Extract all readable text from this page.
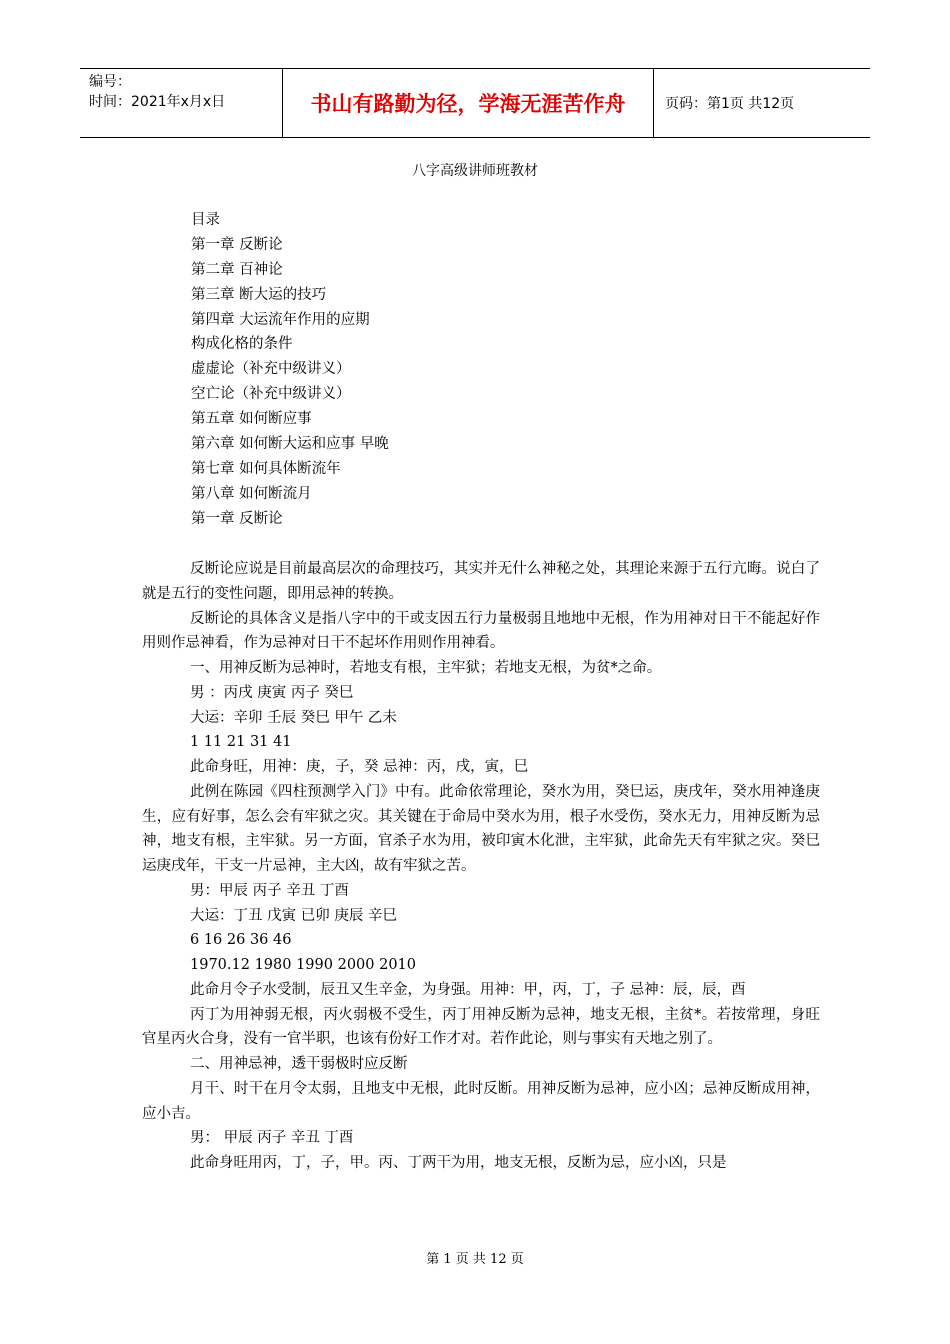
编号：
时间：2021年x月x日	书山有路勤为径，学海无涯苦作舟	页码：第1页 共12页
八字高级讲师班教材
目录
第一章 反断论
第二章 百神论
第三章 断大运的技巧
第四章 大运流年作用的应期
构成化格的条件
虚虚论（补充中级讲义）
空亡论（补充中级讲义）
第五章 如何断应事
第六章 如何断大运和应事 早晚
第七章 如何具体断流年
第八章 如何断流月
第一章 反断论

反断论应说是目前最高层次的命理技巧，其实并无什么神秘之处，其理论来源于五行亢晦。说白了就是五行的变性问题，即用忌神的转换。

反断论的具体含义是指八字中的干或支因五行力量极弱且地地中无根，作为用神对日干不能起好作用则作忌神看，作为忌神对日干不起坏作用则作用神看。

一、用神反断为忌神时，若地支有根，主牢狱；若地支无根，为贫*之命。

男 ：丙戌 庚寅 丙子 癸巳

大运：辛卯 壬辰 癸巳 甲午 乙未

1 11 21 31 41

此命身旺，用神：庚，子，癸 忌神：丙，戌，寅，巳

此例在陈园《四柱预测学入门》中有。此命依常理论，癸水为用，癸巳运，庚戌年，癸水用神逢庚生，应有好事，怎么会有牢狱之灾。其关键在于命局中癸水为用，根子水受伤，癸水无力，用神反断为忌神，地支有根，主牢狱。另一方面，官杀子水为用，被印寅木化泄，主牢狱，此命先天有牢狱之灾。癸巳运庚戌年，干支一片忌神，主大凶，故有牢狱之苦。

男：甲辰 丙子 辛丑 丁酉

大运：丁丑 戊寅 已卯 庚辰 辛巳

6 16 26 36 46

1970.12 1980 1990 2000 2010

此命月令子水受制，辰丑又生辛金，为身强。用神：甲，丙，丁，子 忌神：辰，辰，酉

丙丁为用神弱无根，丙火弱极不受生，丙丁用神反断为忌神，地支无根，主贫*。若按常理，身旺官星丙火合身，没有一官半职，也该有份好工作才对。若作此论，则与事实有天地之别了。

二、用神忌神，透干弱极时应反断

月干、时干在月令太弱，且地支中无根，此时反断。用神反断为忌神，应小凶；忌神反断成用神，应小吉。

男： 甲辰 丙子 辛丑 丁酉

此命身旺用丙，丁，子，甲。丙、丁两干为用，地支无根，反断为忌，应小凶，只是

第 1 页 共 12 页
